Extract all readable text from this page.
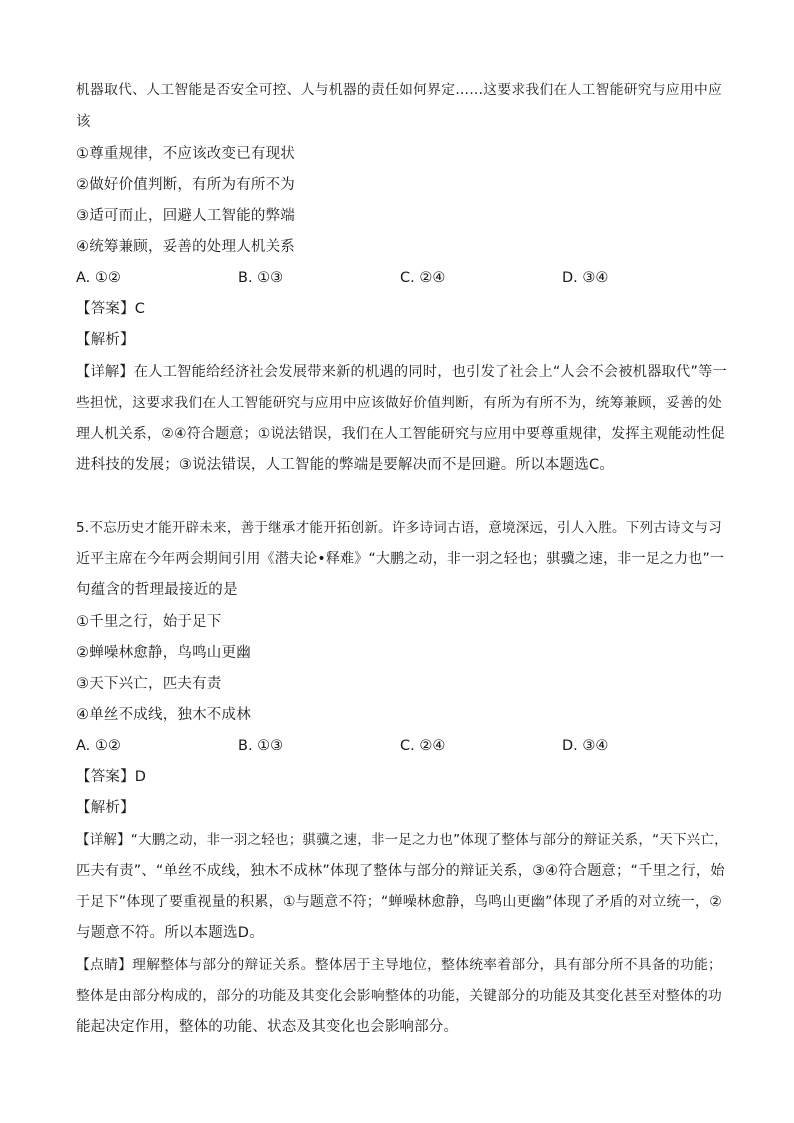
机器取代、人工智能是否安全可控、人与机器的责任如何界定……这要求我们在人工智能研究与应用中应
该
①尊重规律，不应该改变已有现状
②做好价值判断，有所为有所不为
③适可而止，回避人工智能的弊端
④统筹兼顾，妥善的处理人机关系
A. ①②	B. ①③	C. ②④	D. ③④
【答案】C
【解析】
【详解】在人工智能给经济社会发展带来新的机遇的同时，也引发了社会上“人会不会被机器取代”等一
些担忧，这要求我们在人工智能研究与应用中应该做好价值判断，有所为有所不为，统筹兼顾，妥善的处
理人机关系，②④符合题意；①说法错误，我们在人工智能研究与应用中要尊重规律，发挥主观能动性促
进科技的发展；③说法错误，人工智能的弊端是要解决而不是回避。所以本题选C。
5.不忘历史才能开辟未来，善于继承才能开拓创新。许多诗词古语，意境深远，引人入胜。下列古诗文与习
近平主席在今年两会期间引用《潜夫论•释难》“大鹏之动，非一羽之轻也；骐骥之速，非一足之力也”一
句蕴含的哲理最接近的是
①千里之行，始于足下
②蝉噪林愈静，鸟鸣山更幽
③天下兴亡，匹夫有责
④单丝不成线，独木不成林
A. ①②	B. ①③	C. ②④	D. ③④
【答案】D
【解析】
【详解】“大鹏之动，非一羽之轻也；骐骥之速，非一足之力也”体现了整体与部分的辩证关系，“天下兴亡，
匹夫有责”、“单丝不成线，独木不成林”体现了整体与部分的辩证关系，③④符合题意；“千里之行，始
于足下”体现了要重视量的积累，①与题意不符；“蝉噪林愈静，鸟鸣山更幽”体现了矛盾的对立统一，②
与题意不符。所以本题选D。
【点睛】理解整体与部分的辩证关系。整体居于主导地位，整体统率着部分，具有部分所不具备的功能；
整体是由部分构成的，部分的功能及其变化会影响整体的功能，关键部分的功能及其变化甚至对整体的功
能起决定作用，整体的功能、状态及其变化也会影响部分。
